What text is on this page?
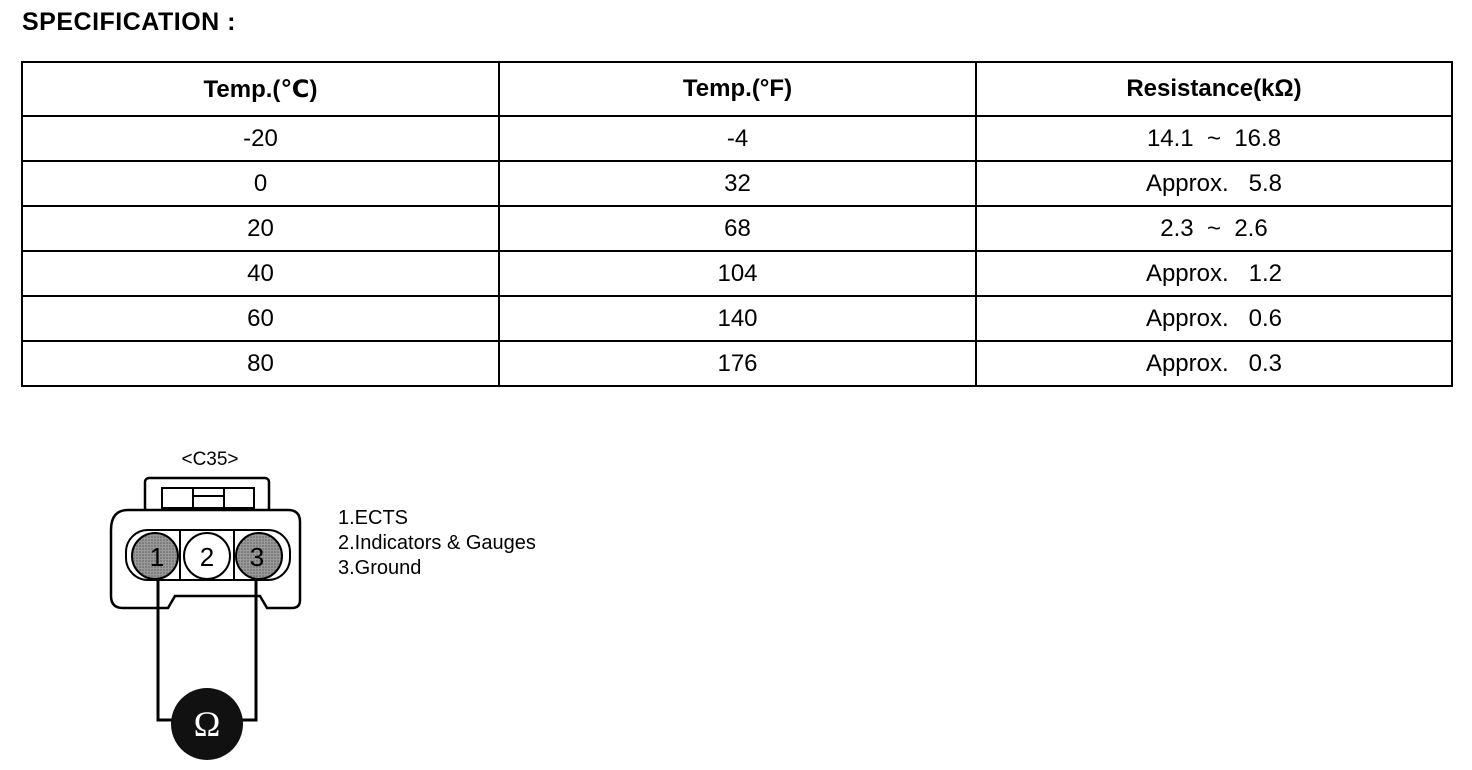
SPECIFICATION :
Temp.(℃)	Temp.(°F)	Resistance(kΩ)
-20	-4	14.1  ~  16.8
0	32	Approx.   5.8
20	68	2.3  ~  2.6
40	104	Approx.   1.2
60	140	Approx.   0.6
80	176	Approx.   0.3
<C35>
1 2 3
Ω
1.ECTS
2.Indicators & Gauges
3.Ground
